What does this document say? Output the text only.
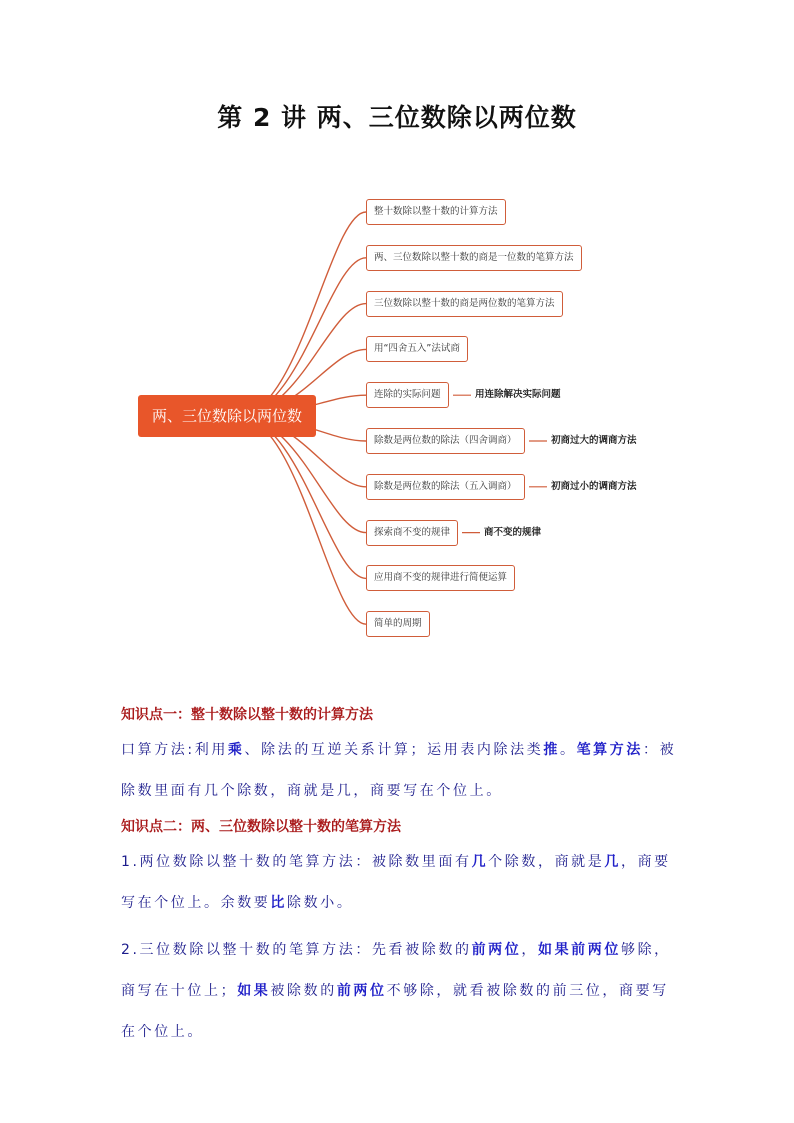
第 2 讲 两、三位数除以两位数
两、三位数除以两位数
整十数除以整十数的计算方法
两、三位数除以整十数的商是一位数的笔算方法
三位数除以整十数的商是两位数的笔算方法
用“四舍五入”法试商
连除的实际问题
除数是两位数的除法（四舍调商）
除数是两位数的除法（五入调商）
探索商不变的规律
应用商不变的规律进行简便运算
简单的周期
用连除解决实际问题
初商过大的调商方法
初商过小的调商方法
商不变的规律

知识点一：整十数除以整十数的计算方法

口算方法:利用乘、除法的互逆关系计算；运用表内除法类推。笔算方法：被除数里面有几个除数，商就是几，商要写在个位上。

知识点二：两、三位数除以整十数的笔算方法

1.两位数除以整十数的笔算方法：被除数里面有几个除数，商就是几，商要写在个位上。余数要比除数小。

2.三位数除以整十数的笔算方法：先看被除数的前两位，如果前两位够除，商写在十位上；如果被除数的前两位不够除，就看被除数的前三位，商要写在个位上。
